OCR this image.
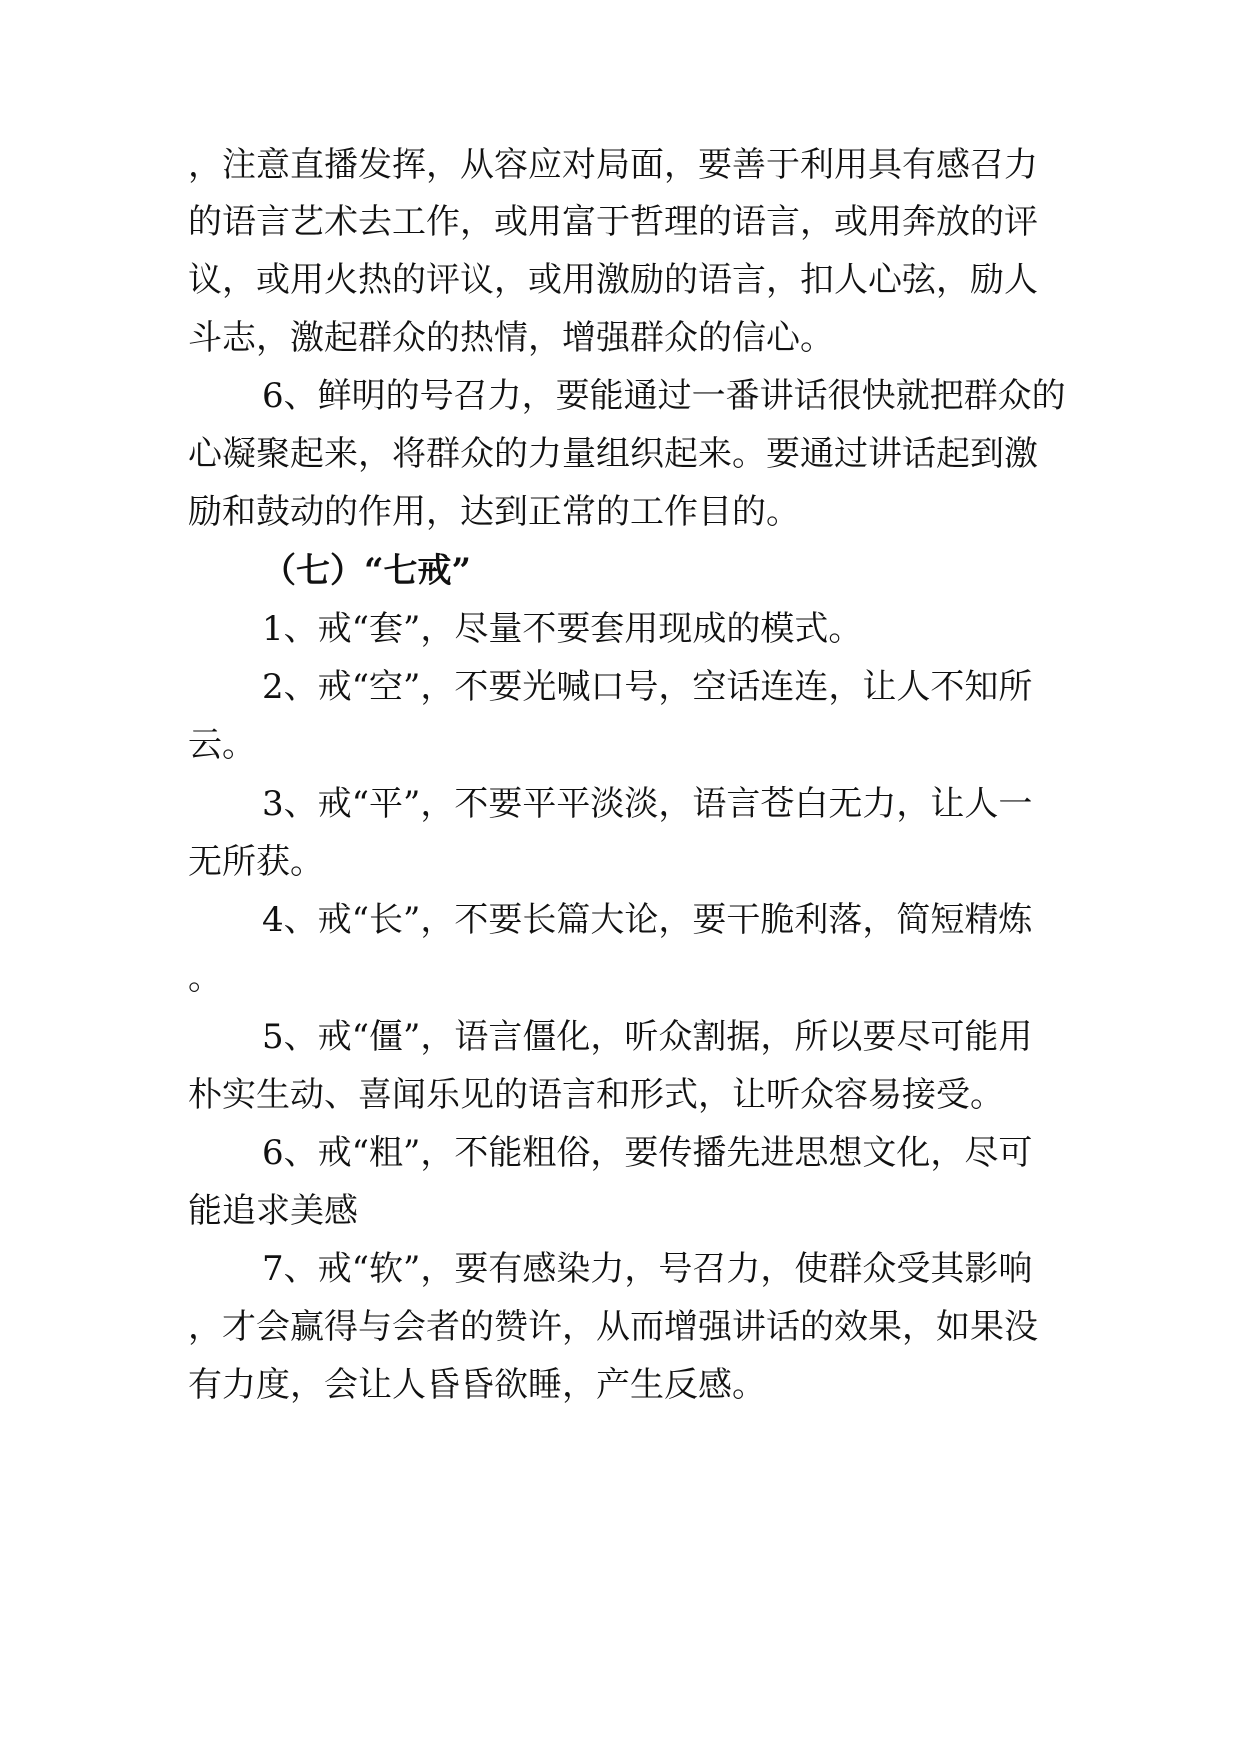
，注意直播发挥，从容应对局面，要善于利用具有感召力
的语言艺术去工作，或用富于哲理的语言，或用奔放的评
议，或用火热的评议，或用激励的语言，扣人心弦，励人
斗志，激起群众的热情，增强群众的信心。
6、鲜明的号召力，要能通过一番讲话很快就把群众的
心凝聚起来，将群众的力量组织起来。要通过讲话起到激
励和鼓动的作用，达到正常的工作目的。
（七）“七戒”
1、戒“套”，尽量不要套用现成的模式。
2、戒“空”，不要光喊口号，空话连连，让人不知所
云。
3、戒“平”，不要平平淡淡，语言苍白无力，让人一
无所获。
4、戒“长”，不要长篇大论，要干脆利落，简短精炼
。
5、戒“僵”，语言僵化，听众割据，所以要尽可能用
朴实生动、喜闻乐见的语言和形式，让听众容易接受。
6、戒“粗”，不能粗俗，要传播先进思想文化，尽可
能追求美感
7、戒“软”，要有感染力，号召力，使群众受其影响
，才会赢得与会者的赞许，从而增强讲话的效果，如果没
有力度，会让人昏昏欲睡，产生反感。
